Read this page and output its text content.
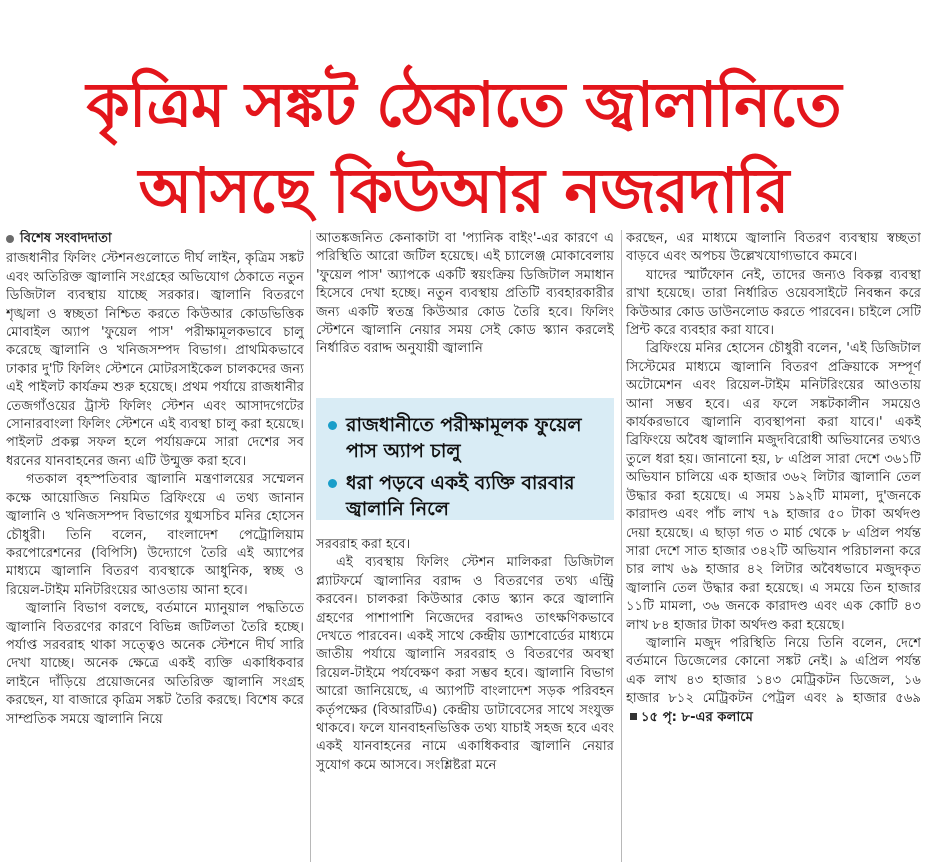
কৃত্রিম সঙ্কট ঠেকাতে জ্বালানিতে
আসছে কিউআর নজরদারি
বিশেষ সংবাদদাতা

রাজধানীর ফিলিং স্টেশনগুলোতে দীর্ঘ লাইন, কৃত্রিম সঙ্কট এবং অতিরিক্ত জ্বালানি সংগ্রহের অভিযোগ ঠেকাতে নতুন ডিজিটাল ব্যবস্থায় যাচ্ছে সরকার। জ্বালানি বিতরণে শৃঙ্খলা ও স্বচ্ছতা নিশ্চিত করতে কিউআর কোডভিত্তিক মোবাইল অ্যাপ 'ফুয়েল পাস' পরীক্ষামূলকভাবে চালু করেছে জ্বালানি ও খনিজসম্পদ বিভাগ। প্রাথমিকভাবে ঢাকার দু'টি ফিলিং স্টেশনে মোটরসাইকেল চালকদের জন্য এই পাইলট কার্যক্রম শুরু হয়েছে। প্রথম পর্যায়ে রাজধানীর তেজগাঁওয়ের ট্রাস্ট ফিলিং স্টেশন এবং আসাদগেটের সোনারবাংলা ফিলিং স্টেশনে এই ব্যবস্থা চালু করা হয়েছে। পাইলট প্রকল্প সফল হলে পর্যায়ক্রমে সারা দেশের সব ধরনের যানবাহনের জন্য এটি উন্মুক্ত করা হবে।

গতকাল বৃহস্পতিবার জ্বালানি মন্ত্রণালয়ের সম্মেলন কক্ষে আয়োজিত নিয়মিত ব্রিফিংয়ে এ তথ্য জানান জ্বালানি ও খনিজসম্পদ বিভাগের যুগ্মসচিব মনির হোসেন চৌধুরী। তিনি বলেন, বাংলাদেশ পেট্রোলিয়াম করপোরেশনের (বিপিসি) উদ্যোগে তৈরি এই অ্যাপের মাধ্যমে জ্বালানি বিতরণ ব্যবস্থাকে আধুনিক, স্বচ্ছ ও রিয়েল-টাইম মনিটরিংয়ের আওতায় আনা হবে।

জ্বালানি বিভাগ বলছে, বর্তমানে ম্যানুয়াল পদ্ধতিতে জ্বালানি বিতরণের কারণে বিভিন্ন জটিলতা তৈরি হচ্ছে। পর্যাপ্ত সরবরাহ থাকা সত্ত্বেও অনেক স্টেশনে দীর্ঘ সারি দেখা যাচ্ছে। অনেক ক্ষেত্রে একই ব্যক্তি একাধিকবার লাইনে দাঁড়িয়ে প্রয়োজনের অতিরিক্ত জ্বালানি সংগ্রহ করছেন, যা বাজারে কৃত্রিম সঙ্কট তৈরি করছে। বিশেষ করে সাম্প্রতিক সময়ে জ্বালানি নিয়ে

আতঙ্কজনিত কেনাকাটা বা 'প্যানিক বাইং'-এর কারণে এ পরিস্থিতি আরো জটিল হয়েছে। এই চ্যালেঞ্জ মোকাবেলায় 'ফুয়েল পাস' অ্যাপকে একটি স্বয়ংক্রিয় ডিজিটাল সমাধান হিসেবে দেখা হচ্ছে। নতুন ব্যবস্থায় প্রতিটি ব্যবহারকারীর জন্য একটি স্বতন্ত্র কিউআর কোড তৈরি হবে। ফিলিং স্টেশনে জ্বালানি নেয়ার সময় সেই কোড স্ক্যান করলেই নির্ধারিত বরাদ্দ অনুযায়ী জ্বালানি

রাজধানীতে পরীক্ষামূলক ফুয়েল পাস অ্যাপ চালু
ধরা পড়বে একই ব্যক্তি বারবার জ্বালানি নিলে

সরবরাহ করা হবে।

এই ব্যবস্থায় ফিলিং স্টেশন মালিকরা ডিজিটাল প্ল্যাটফর্মে জ্বালানির বরাদ্দ ও বিতরণের তথ্য এন্ট্রি করবেন। চালকরা কিউআর কোড স্ক্যান করে জ্বালানি গ্রহণের পাশাপাশি নিজেদের বরাদ্দও তাৎক্ষণিকভাবে দেখতে পারবেন। একই সাথে কেন্দ্রীয় ড্যাশবোর্ডের মাধ্যমে জাতীয় পর্যায়ে জ্বালানি সরবরাহ ও বিতরণের অবস্থা রিয়েল-টাইমে পর্যবেক্ষণ করা সম্ভব হবে। জ্বালানি বিভাগ আরো জানিয়েছে, এ অ্যাপটি বাংলাদেশ সড়ক পরিবহন কর্তৃপক্ষের (বিআরটিএ) কেন্দ্রীয় ডাটাবেসের সাথে সংযুক্ত থাকবে। ফলে যানবাহনভিত্তিক তথ্য যাচাই সহজ হবে এবং একই যানবাহনের নামে একাধিকবার জ্বালানি নেয়ার সুযোগ কমে আসবে। সংশ্লিষ্টরা মনে

করছেন, এর মাধ্যমে জ্বালানি বিতরণ ব্যবস্থায় স্বচ্ছতা বাড়বে এবং অপচয় উল্লেখযোগ্যভাবে কমবে।

যাদের স্মার্টফোন নেই, তাদের জন্যও বিকল্প ব্যবস্থা রাখা হয়েছে। তারা নির্ধারিত ওয়েবসাইটে নিবন্ধন করে কিউআর কোড ডাউনলোড করতে পারবেন। চাইলে সেটি প্রিন্ট করে ব্যবহার করা যাবে।

ব্রিফিংয়ে মনির হোসেন চৌধুরী বলেন, 'এই ডিজিটাল সিস্টেমের মাধ্যমে জ্বালানি বিতরণ প্রক্রিয়াকে সম্পূর্ণ অটোমেশন এবং রিয়েল-টাইম মনিটরিংয়ের আওতায় আনা সম্ভব হবে। এর ফলে সঙ্কটকালীন সময়েও কার্যকরভাবে জ্বালানি ব্যবস্থাপনা করা যাবে।' একই ব্রিফিংয়ে অবৈধ জ্বালানি মজুদবিরোধী অভিযানের তথ্যও তুলে ধরা হয়। জানানো হয়, ৮ এপ্রিল সারা দেশে ৩৬১টি অভিযান চালিয়ে এক হাজার ৩৬২ লিটার জ্বালানি তেল উদ্ধার করা হয়েছে। এ সময় ১৯২টি মামলা, দু'জনকে কারাদণ্ড এবং পাঁচ লাখ ৭৯ হাজার ৫০ টাকা অর্থদণ্ড দেয়া হয়েছে। এ ছাড়া গত ৩ মার্চ থেকে ৮ এপ্রিল পর্যন্ত সারা দেশে সাত হাজার ৩৪২টি অভিযান পরিচালনা করে চার লাখ ৬৯ হাজার ৪২ লিটার অবৈধভাবে মজুদকৃত জ্বালানি তেল উদ্ধার করা হয়েছে। এ সময়ে তিন হাজার ১১টি মামলা, ৩৬ জনকে কারাদণ্ড এবং এক কোটি ৪৩ লাখ ৮৪ হাজার টাকা অর্থদণ্ড করা হয়েছে।

জ্বালানি মজুদ পরিস্থিতি নিয়ে তিনি বলেন, দেশে বর্তমানে ডিজেলের কোনো সঙ্কট নেই। ৯ এপ্রিল পর্যন্ত এক লাখ ৪৩ হাজার ১৪৩ মেট্রিকটন ডিজেল, ১৬ হাজার ৮১২ মেট্রিকটন পেট্রল এবং ৯ হাজার ৫৬৯১৫ পৃ: ৮-এর কলামে
